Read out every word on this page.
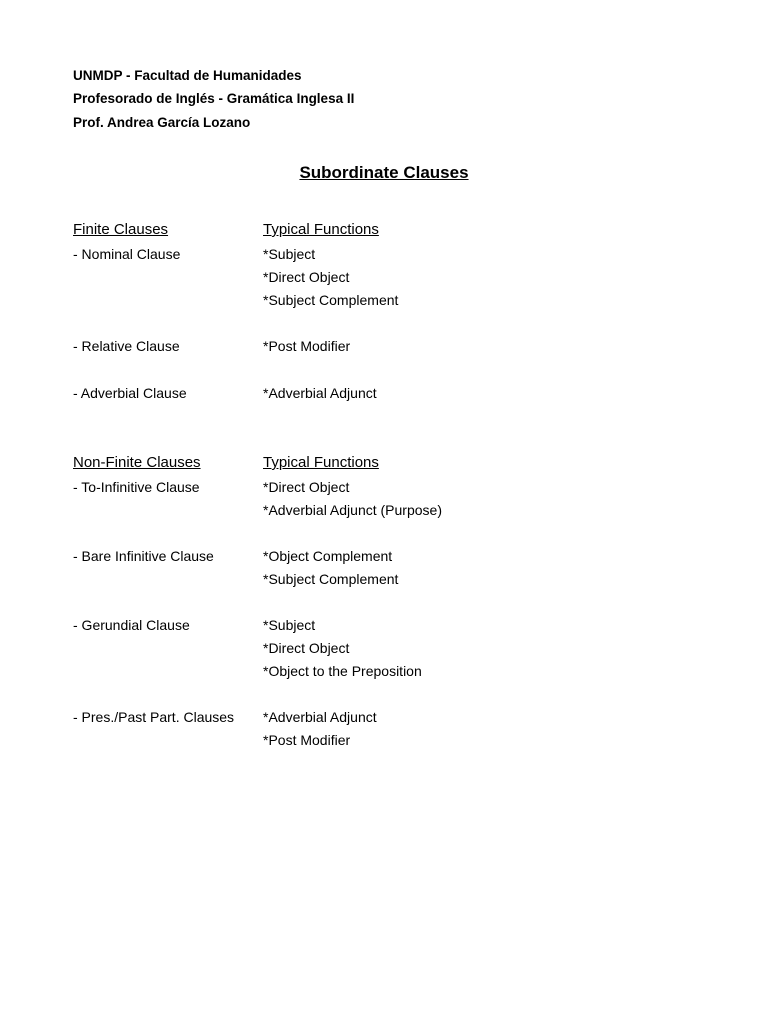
UNMDP - Facultad de Humanidades
Profesorado de Inglés - Gramática Inglesa II
Prof. Andrea García Lozano
Subordinate Clauses
Finite Clauses	Typical Functions
- Nominal Clause	*Subject
*Direct Object
*Subject Complement
- Relative Clause	*Post Modifier
- Adverbial Clause	*Adverbial Adjunct
Non-Finite Clauses	Typical Functions
- To-Infinitive Clause	*Direct Object
*Adverbial Adjunct (Purpose)
- Bare Infinitive Clause	*Object Complement
*Subject Complement
- Gerundial Clause	*Subject
*Direct Object
*Object to the Preposition
- Pres./Past Part. Clauses *Adverbial Adjunct
*Post Modifier
